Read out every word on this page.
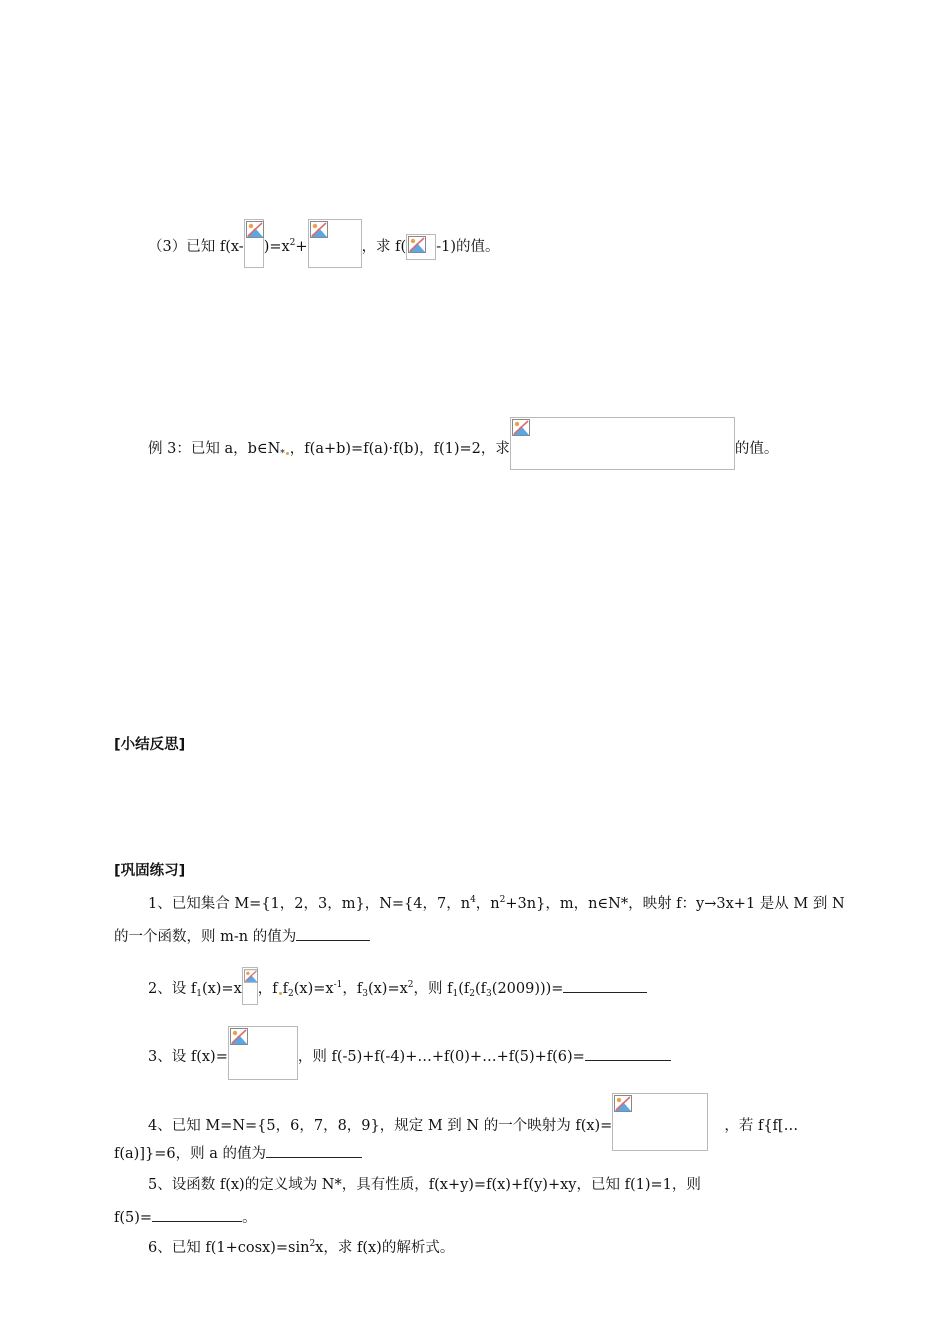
（3）已知 f(x- )$=x^2+$	，求 f( -1)的值。
例 3：已知 a，$b\in N_*$ ，f(a+b)=f(a)·f(b)，f(1)=2，求	的值。
[小结反思]
[巩固练习]
1、已知集合 M={1，2，3，m}，N={4，7，$n^4$，$n^2+3n$}，m，n∈N*，映射 f：y→3x+1 是从 M 到 N
的一个函数，则 m-n 的值为
2、设 $f_1(x)=x$ ，f $f_2(x)=x^{-1}$，$f_3(x)=x^2$，则 $f_1(f_2(f_3(2009)))=$
3、设 f(x)=	，则 f(-5)+f(-4)+…+f(0)+…+f(5)+f(6)=
4、已知 M=N={5，6，7，8，9}，规定 M 到 N 的一个映射为 f(x)=	，若 f{f[…
f(a)]}=6，则 a 的值为
5、设函数 f(x)的定义域为 N*，具有性质，f(x+y)=f(x)+f(y)+xy，已知 f(1)=1，则
f(5)=	。
6、已知 $f(1+\cos x)=\sin^2x$，求 f(x)的解析式。
